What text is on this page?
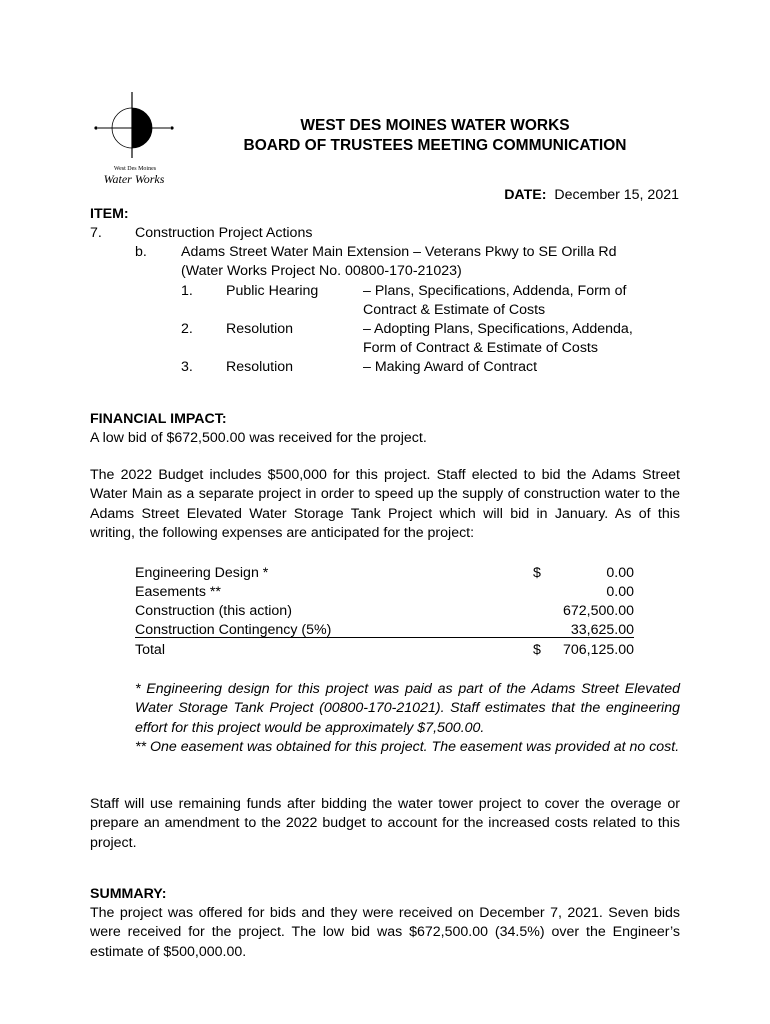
W
West Des Moines
Water Works
WEST DES MOINES WATER WORKS
BOARD OF TRUSTEES MEETING COMMUNICATION
DATE: December 15, 2021
ITEM:
7. Construction Project Actions
b. Adams Street Water Main Extension – Veterans Pkwy to SE Orilla Rd
(Water Works Project No. 00800-170-21023)
1. Public Hearing	– Plans, Specifications, Addenda, Form of
Contract & Estimate of Costs
2. Resolution	– Adopting Plans, Specifications, Addenda,
Form of Contract & Estimate of Costs
3. Resolution	– Making Award of Contract
FINANCIAL IMPACT:
A low bid of $672,500.00 was received for the project.
The 2022 Budget includes $500,000 for this project. Staff elected to bid the Adams Street Water Main as a separate project in order to speed up the supply of construction water to the Adams Street Elevated Water Storage Tank Project which will bid in January. As of this writing, the following expenses are anticipated for the project:
Engineering Design *	$	0.00
Easements **	0.00
Construction (this action)	672,500.00
Construction Contingency (5%)	33,625.00
Total	$ 706,125.00
* Engineering design for this project was paid as part of the Adams Street Elevated Water Storage Tank Project (00800-170-21021). Staff estimates that the engineering effort for this project would be approximately $7,500.00.
** One easement was obtained for this project. The easement was provided at no cost.
Staff will use remaining funds after bidding the water tower project to cover the overage or prepare an amendment to the 2022 budget to account for the increased costs related to this project.
SUMMARY:
The project was offered for bids and they were received on December 7, 2021. Seven bids were received for the project. The low bid was $672,500.00 (34.5%) over the Engineer’s estimate of $500,000.00.
